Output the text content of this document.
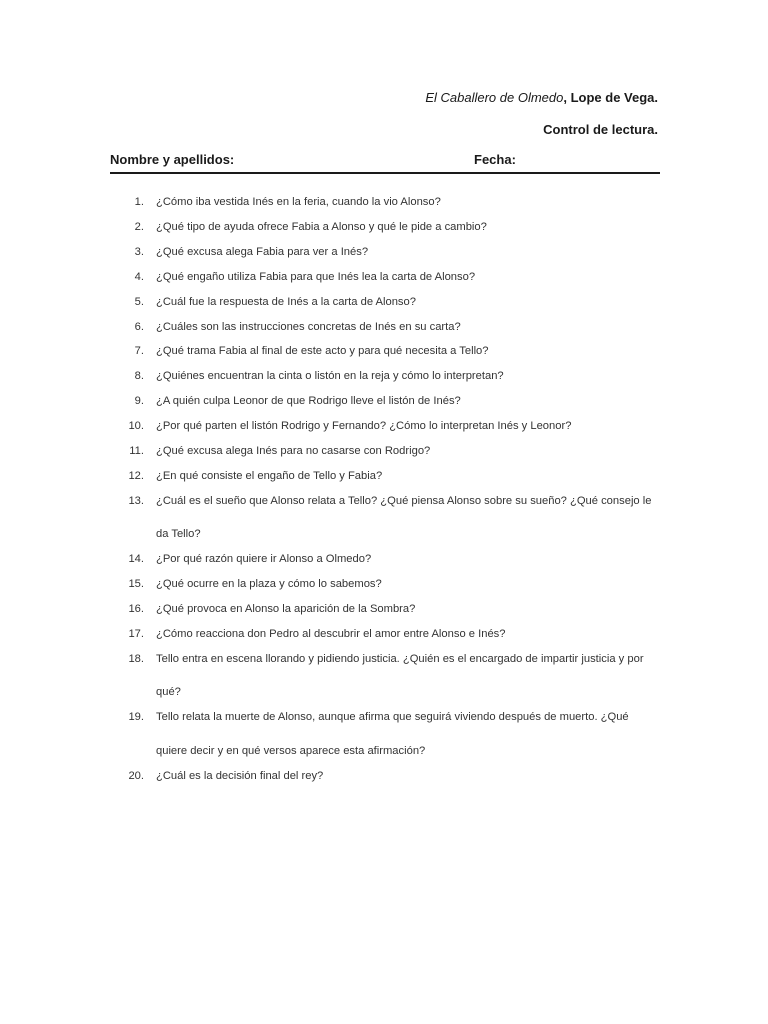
El Caballero de Olmedo, Lope de Vega.
Control de lectura.
Nombre y apellidos:	Fecha:
1. ¿Cómo iba vestida Inés en la feria, cuando la vio Alonso?
2. ¿Qué tipo de ayuda ofrece Fabia a Alonso y qué le pide a cambio?
3. ¿Qué excusa alega Fabia para ver a Inés?
4. ¿Qué engaño utiliza Fabia para que Inés lea la carta de Alonso?
5. ¿Cuál fue la respuesta de Inés a la carta de Alonso?
6. ¿Cuáles son las instrucciones concretas de Inés en su carta?
7. ¿Qué trama Fabia al final de este acto y para qué necesita a Tello?
8. ¿Quiénes encuentran la cinta o listón en la reja y cómo lo interpretan?
9. ¿A quién culpa Leonor de que Rodrigo lleve el listón de Inés?
10. ¿Por qué parten el listón Rodrigo y Fernando? ¿Cómo lo interpretan Inés y Leonor?
11. ¿Qué excusa alega Inés para no casarse con Rodrigo?
12. ¿En qué consiste el engaño de Tello y Fabia?
13. ¿Cuál es el sueño que Alonso relata a Tello? ¿Qué piensa Alonso sobre su sueño? ¿Qué consejo le da Tello?
14. ¿Por qué razón quiere ir Alonso a Olmedo?
15. ¿Qué ocurre en la plaza y cómo lo sabemos?
16. ¿Qué provoca en Alonso la aparición de la Sombra?
17. ¿Cómo reacciona don Pedro al descubrir el amor entre Alonso e Inés?
18. Tello entra en escena llorando y pidiendo justicia. ¿Quién es el encargado de impartir justicia y por qué?
19. Tello relata la muerte de Alonso, aunque afirma que seguirá viviendo después de muerto. ¿Qué quiere decir y en qué versos aparece esta afirmación?
20. ¿Cuál es la decisión final del rey?
